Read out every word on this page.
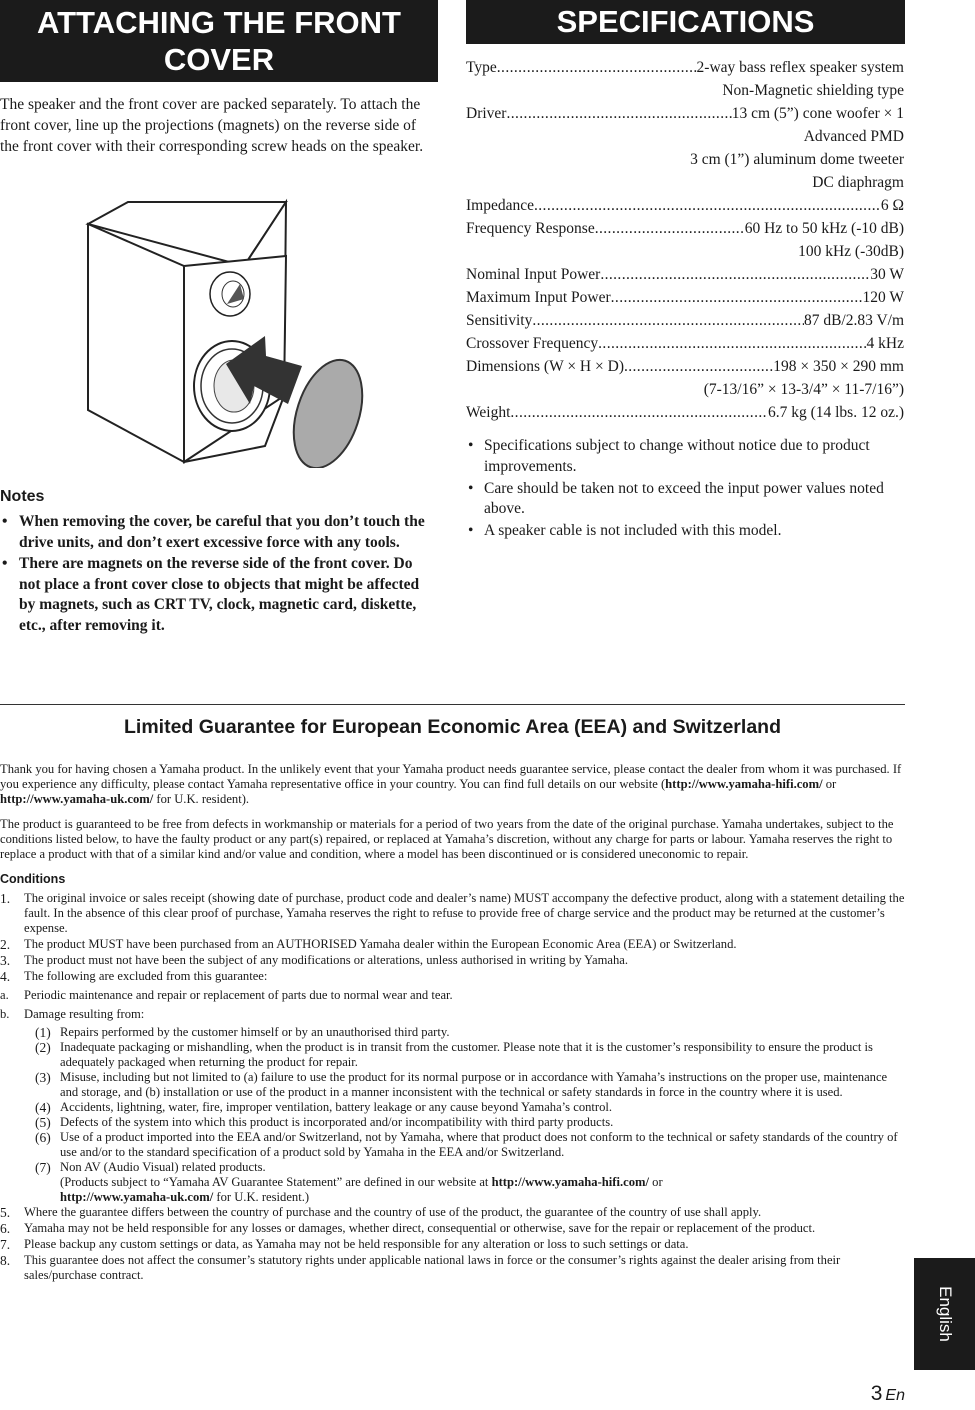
ATTACHING THE FRONT COVER
SPECIFICATIONS

The speaker and the front cover are packed separately. To attach the front cover, line up the projections (magnets) on the reverse side of the front cover with their corresponding screw heads on the speaker.

Notes
• When removing the cover, be careful that you don’t touch the drive units, and don’t exert excessive force with any tools.
• There are magnets on the reverse side of the front cover. Do not place a front cover close to objects that might be affected by magnets, such as CRT TV, clock, magnetic card, diskette, etc., after removing it.
Type .....	2-way bass reflex speaker system
Non-Magnetic shielding type
Driver .....	13 cm (5”) cone woofer × 1
Advanced PMD
3 cm (1”) aluminum dome tweeter
DC diaphragm
Impedance .....	6 Ω
Frequency Response .....	60 Hz to 50 kHz (-10 dB)
100 kHz (-30dB)
Nominal Input Power .....	30 W
Maximum Input Power .....	120 W
Sensitivity .....	87 dB/2.83 V/m
Crossover Frequency .....	4 kHz
Dimensions (W × H × D) .....	198 × 350 × 290 mm
(7-13/16” × 13-3/4” × 11-7/16”)
Weight .....	6.7 kg (14 lbs. 12 oz.)
• Specifications subject to change without notice due to product improvements.
• Care should be taken not to exceed the input power values noted above.
• A speaker cable is not included with this model.
Limited Guarantee for European Economic Area (EEA) and Switzerland

Thank you for having chosen a Yamaha product. In the unlikely event that your Yamaha product needs guarantee service, please contact the dealer from whom it was purchased. If you experience any difficulty, please contact Yamaha representative office in your country. You can find full details on our website (http://www.yamaha-hifi.com/ or http://www.yamaha-uk.com/ for U.K. resident).

The product is guaranteed to be free from defects in workmanship or materials for a period of two years from the date of the original purchase. Yamaha undertakes, subject to the conditions listed below, to have the faulty product or any part(s) repaired, or replaced at Yamaha’s discretion, without any charge for parts or labour. Yamaha reserves the right to replace a product with that of a similar kind and/or value and condition, where a model has been discontinued or is considered uneconomic to repair.

Conditions
1. The original invoice or sales receipt (showing date of purchase, product code and dealer’s name) MUST accompany the defective product, along with a statement detailing the fault. In the absence of this clear proof of purchase, Yamaha reserves the right to refuse to provide free of charge service and the product may be returned at the customer’s expense.
2. The product MUST have been purchased from an AUTHORISED Yamaha dealer within the European Economic Area (EEA) or Switzerland.
3. The product must not have been the subject of any modifications or alterations, unless authorised in writing by Yamaha.
4. The following are excluded from this guarantee:
a. Periodic maintenance and repair or replacement of parts due to normal wear and tear.
b. Damage resulting from:
(1) Repairs performed by the customer himself or by an unauthorised third party.
(2) Inadequate packaging or mishandling, when the product is in transit from the customer. Please note that it is the customer’s responsibility to ensure the product is adequately packaged when returning the product for repair.
(3) Misuse, including but not limited to (a) failure to use the product for its normal purpose or in accordance with Yamaha’s instructions on the proper use, maintenance and storage, and (b) installation or use of the product in a manner inconsistent with the technical or safety standards in force in the country where it is used.
(4) Accidents, lightning, water, fire, improper ventilation, battery leakage or any cause beyond Yamaha’s control.
(5) Defects of the system into which this product is incorporated and/or incompatibility with third party products.
(6) Use of a product imported into the EEA and/or Switzerland, not by Yamaha, where that product does not conform to the technical or safety standards of the country of use and/or to the standard specification of a product sold by Yamaha in the EEA and/or Switzerland.
(7) Non AV (Audio Visual) related products.
(Products subject to “Yamaha AV Guarantee Statement” are defined in our website at http://www.yamaha-hifi.com/ or
http://www.yamaha-uk.com/ for U.K. resident.)
5. Where the guarantee differs between the country of purchase and the country of use of the product, the guarantee of the country of use shall apply.
6. Yamaha may not be held responsible for any losses or damages, whether direct, consequential or otherwise, save for the repair or replacement of the product.
7. Please backup any custom settings or data, as Yamaha may not be held responsible for any alteration or loss to such settings or data.
8. This guarantee does not affect the consumer’s statutory rights under applicable national laws in force or the consumer’s rights against the dealer arising from their sales/purchase contract.
English
3 En
